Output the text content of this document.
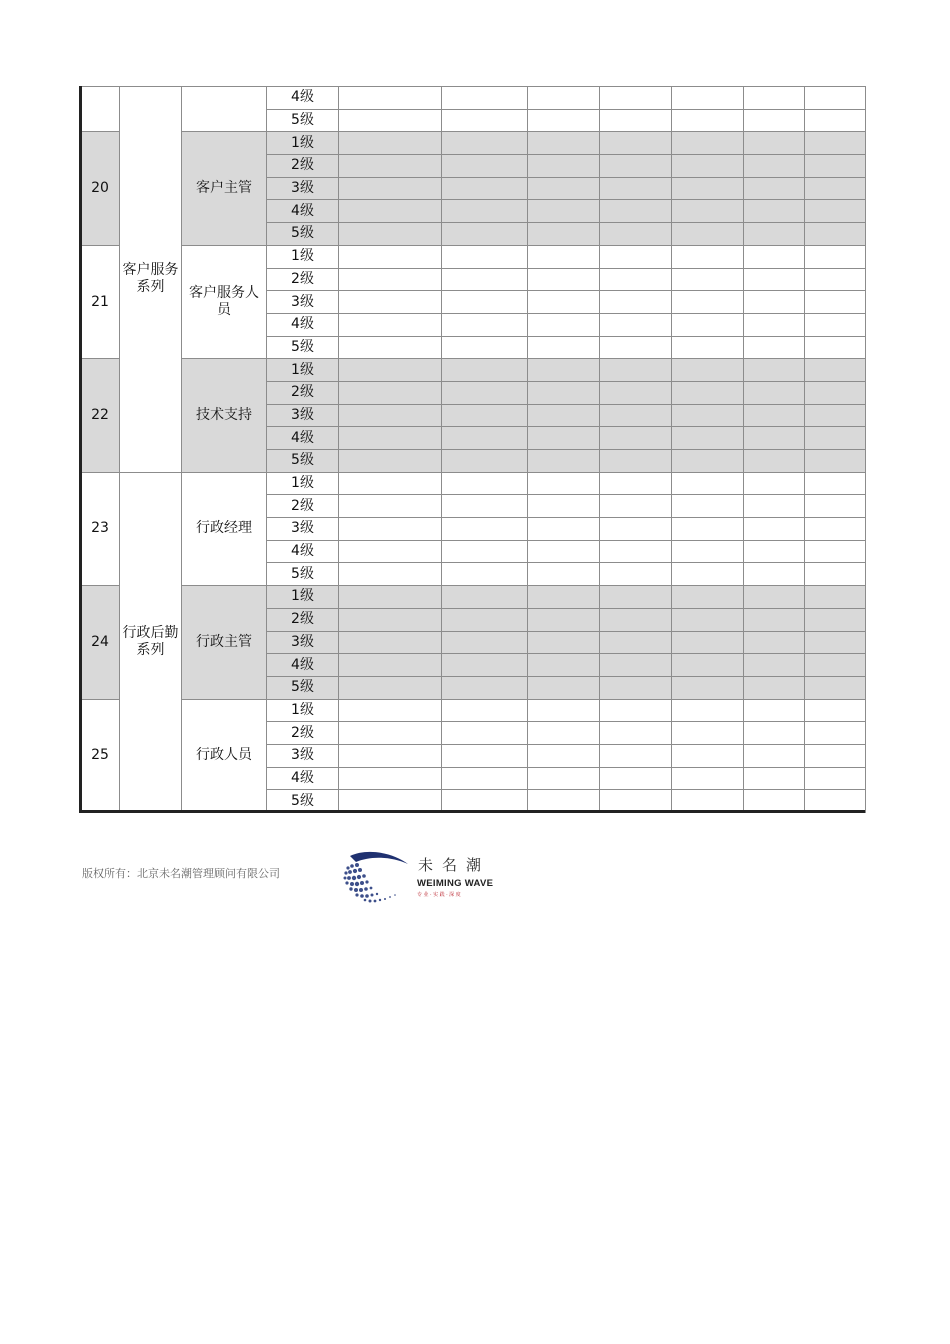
	客户服务系列		4级							
			5级							
20		客户主管	1级							
			2级							
			3级							
			4级							
			5级							
21		客户服务人员	1级							
			2级							
			3级							
			4级							
			5级							
22		技术支持	1级							
			2级							
			3级							
			4级							
			5级							
23	行政后勤系列	行政经理	1级							
			2级							
			3级							
			4级							
			5级							
24		行政主管	1级							
			2级							
			3级							
			4级							
			5级							
25		行政人员	1级							
			2级							
			3级							
			4级							
			5级							
版权所有：北京未名潮管理顾问有限公司	未名潮
WEIMING WAVE
专业·实践·深度
